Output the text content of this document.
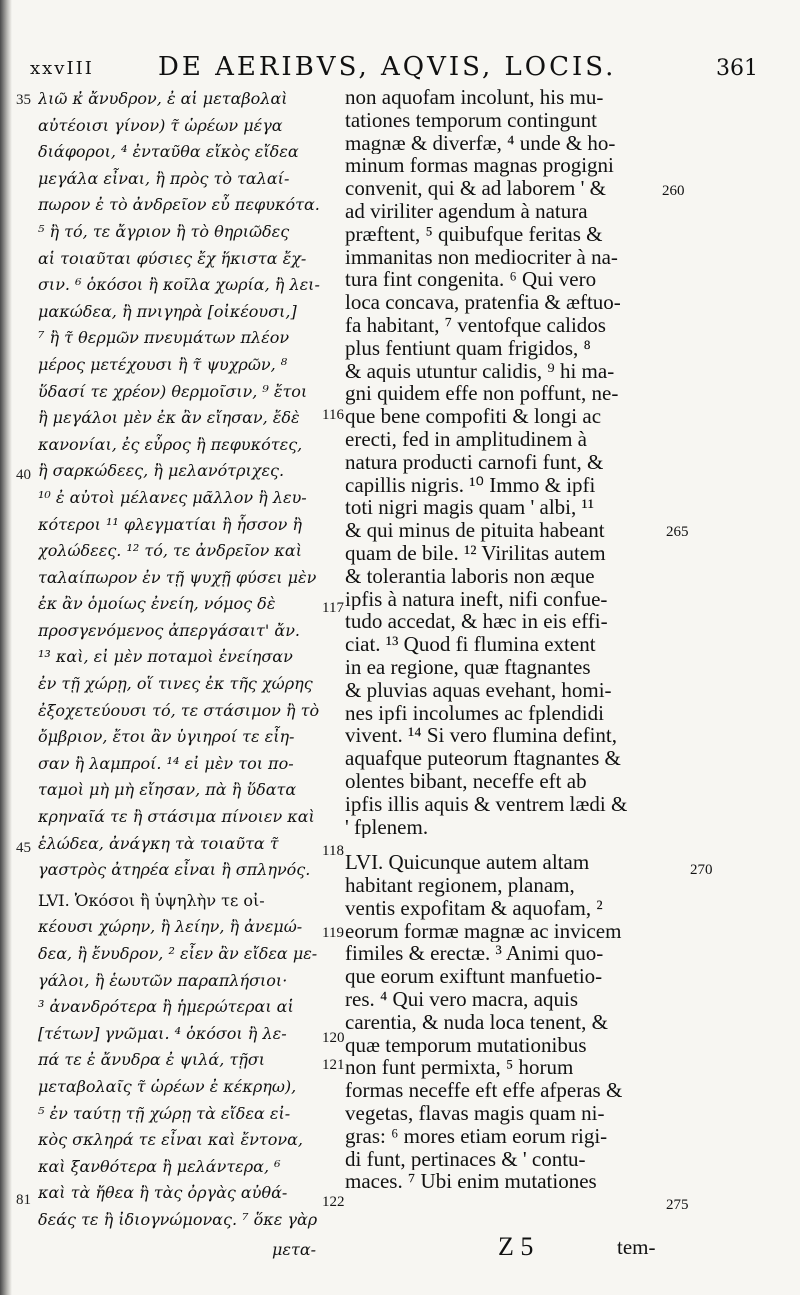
xxvIII DE AERIBVS, AQVIS, LOCIS.	361
λιῶ κ̓ ἄνυδρον, ἐ αἱ μεταβολαὶ
αὐτέοισι γίνον) τ̃ ὡρέων μέγα
διάφοροι, ⁴ ἐνταῦθα εἴκὸς εἴδεα
μεγάλα εἶναι, ἢ πρὸς τὸ ταλαί-
πωρον ἐ τὸ ἀνδρεῖον εὖ πεφυκότα.
⁵ ἢ τό, τε ἄγριον ἢ τὸ θηριῶδες
αἱ τοιαῦται φύσιες ἔχ ἥκιστα ἔχ-
σιν. ⁶ ὁκόσοι ἢ κοῖλα χωρία, ἢ λει-
μακώδεα, ἢ πνιγηρὰ [οἰκέουσι,]
⁷ ἢ τ̃ θερμῶν πνευμάτων πλέον
μέρος μετέχουσι ἢ τ̃ ψυχρῶν, ⁸
ὕδασί τε χρέον) θερμοῖσιν, ⁹ ἔτοι
ἢ μεγάλοι μὲν ἐκ ἂν εἴησαν, ἔδὲ
κανονίαι, ἐς εὖρος ἢ πεφυκότες,
ἢ σαρκώδεες, ἢ μελανότριχες.
¹⁰ ἐ αὐτοὶ μέλανες μᾶλλον ἢ λευ-
κότεροι ¹¹ φλεγματίαι ἢ ἧσσον ἢ
χολώδεες. ¹² τό, τε ἀνδρεῖον καὶ
ταλαίπωρον ἐν τῇ ψυχῇ φύσει μὲν
ἐκ ἂν ὁμοίως ἐνείη, νόμος δὲ
προσγενόμενος ἀπεργάσαιτ' ἄν.
¹³ καὶ, εἰ μὲν ποταμοὶ ἐνείησαν
ἐν τῇ χώρῃ, οἵ τινες ἐκ τῆς χώρης
ἐξοχετεύουσι τό, τε στάσιμον ἢ τὸ
ὄμβριον, ἔτοι ἂν ὑγιηροί τε εἶη-
σαν ἢ λαμπροί. ¹⁴ εἰ μὲν τοι πο-
ταμοὶ μὴ μὴ εἴησαν, πὰ ἢ ὕδατα
κρηναῖά τε ἢ στάσιμα πίνοιεν καὶ
ἑλώδεα, ἀνάγκη τὰ τοιαῦτα τ̃
γαστρὸς ἀτηρέα εἶναι ἢ σπληνός.
LVI. Ὁκόσοι ἢ ὑψηλὴν τε οἰ-
κέουσι χώρην, ἢ λείην, ἢ ἀνεμώ-
δεα, ἢ ἔνυδρον, ² εἶεν ἂν εἴδεα με-
γάλοι, ἢ ἑωυτῶν παραπλήσιοι·
³ ἀνανδρότερα ἢ ἡμερώτεραι αἱ
[τέτων] γνῶμαι. ⁴ ὁκόσοι ἢ λε-
πά τε ἐ ἄνυδρα ἐ ψιλά, τῇσι
μεταβολαῖς τ̃ ὡρέων ἐ κέκρηω),
⁵ ἐν ταύτῃ τῇ χώρῃ τὰ εἴδεα εἰ-
κὸς σκληρά τε εἶναι καὶ ἔντονα,
καὶ ξανθότερα ἢ μελάντερα, ⁶
καὶ τὰ ἤθεα ἢ τὰς ὀργὰς αὐθά-
δεάς τε ἢ ἰδιογνώμονας. ⁷ ὅκε γὰρ
non aquofam incolunt, his mu-
tationes temporum contingunt
magnæ & diverfæ, ⁴ unde & ho-
minum formas magnas progigni
convenit, qui & ad laborem ' &
ad viriliter agendum à natura
præftent, ⁵ quibufque feritas &
immanitas non mediocriter à na-
tura fint congenita. ⁶ Qui vero
loca concava, pratenfia & æftuo-
fa habitant, ⁷ ventofque calidos
plus fentiunt quam frigidos, ⁸
& aquis utuntur calidis, ⁹ hi ma-
gni quidem effe non poffunt, ne-
que bene compofiti & longi ac
erecti, fed in amplitudinem à
natura producti carnofi funt, &
capillis nigris. ¹⁰ Immo & ipfi
toti nigri magis quam ' albi, ¹¹
& qui minus de pituita habeant
quam de bile. ¹² Virilitas autem
& tolerantia laboris non æque
ipfis à natura ineft, nifi confue-
tudo accedat, & hæc in eis effi-
ciat. ¹³ Quod fi flumina extent
in ea regione, quæ ftagnantes
& pluvias aquas evehant, homi-
nes ipfi incolumes ac fplendidi
vivent. ¹⁴ Si vero flumina defint,
aquafque puteorum ftagnantes &
olentes bibant, neceffe eft ab
ipfis illis aquis & ventrem lædi &
' fplenem.
LVI. Quicunque autem altam
habitant regionem, planam,
ventis expofitam & aquofam, ²
eorum formæ magnæ ac invicem
fimiles & erectæ. ³ Animi quo-
que eorum exiftunt manfuetio-
res. ⁴ Qui vero macra, aquis
carentia, & nuda loca tenent, &
quæ temporum mutationibus
non funt permixta, ⁵ horum
formas neceffe eft effe afperas &
vegetas, flavas magis quam ni-
gras: ⁶ mores etiam eorum rigi-
di funt, pertinaces & ' contu-
maces. ⁷ Ubi enim mutationes
35
40
45
81
116
117
118
119
120
121
122
260
265
270
275
μετα-	Z 5	tem-
